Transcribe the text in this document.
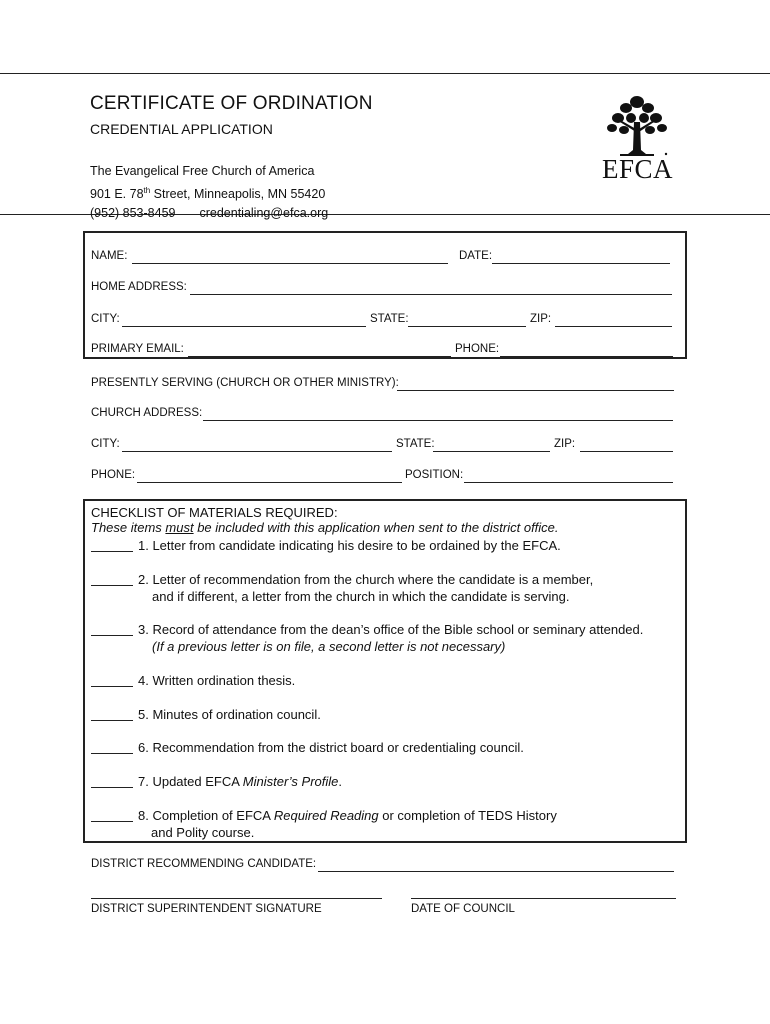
CERTIFICATE OF ORDINATION
CREDENTIAL APPLICATION
The Evangelical Free Church of America
901 E. 78th Street, Minneapolis, MN 55420
(952) 853-8459 credentialing@efca.org
EFCA
NAME:	DATE:
HOME ADDRESS:
CITY:	STATE:	ZIP:
PRIMARY EMAIL:	PHONE:
PRESENTLY SERVING (CHURCH OR OTHER MINISTRY):
CHURCH ADDRESS:
CITY:	STATE:	ZIP:
PHONE:	POSITION:
CHECKLIST OF MATERIALS REQUIRED:
These items must be included with this application when sent to the district office.
1. Letter from candidate indicating his desire to be ordained by the EFCA.
2. Letter of recommendation from the church where the candidate is a member,
and if different, a letter from the church in which the candidate is serving.
3. Record of attendance from the dean’s office of the Bible school or seminary attended.
(If a previous letter is on file, a second letter is not necessary)
4. Written ordination thesis.
5. Minutes of ordination council.
6. Recommendation from the district board or credentialing council.
7. Updated EFCA Minister’s Profile.
8. Completion of EFCA Required Reading or completion of TEDS History
and Polity course.
DISTRICT RECOMMENDING CANDIDATE:
DISTRICT SUPERINTENDENT SIGNATURE	DATE OF COUNCIL
